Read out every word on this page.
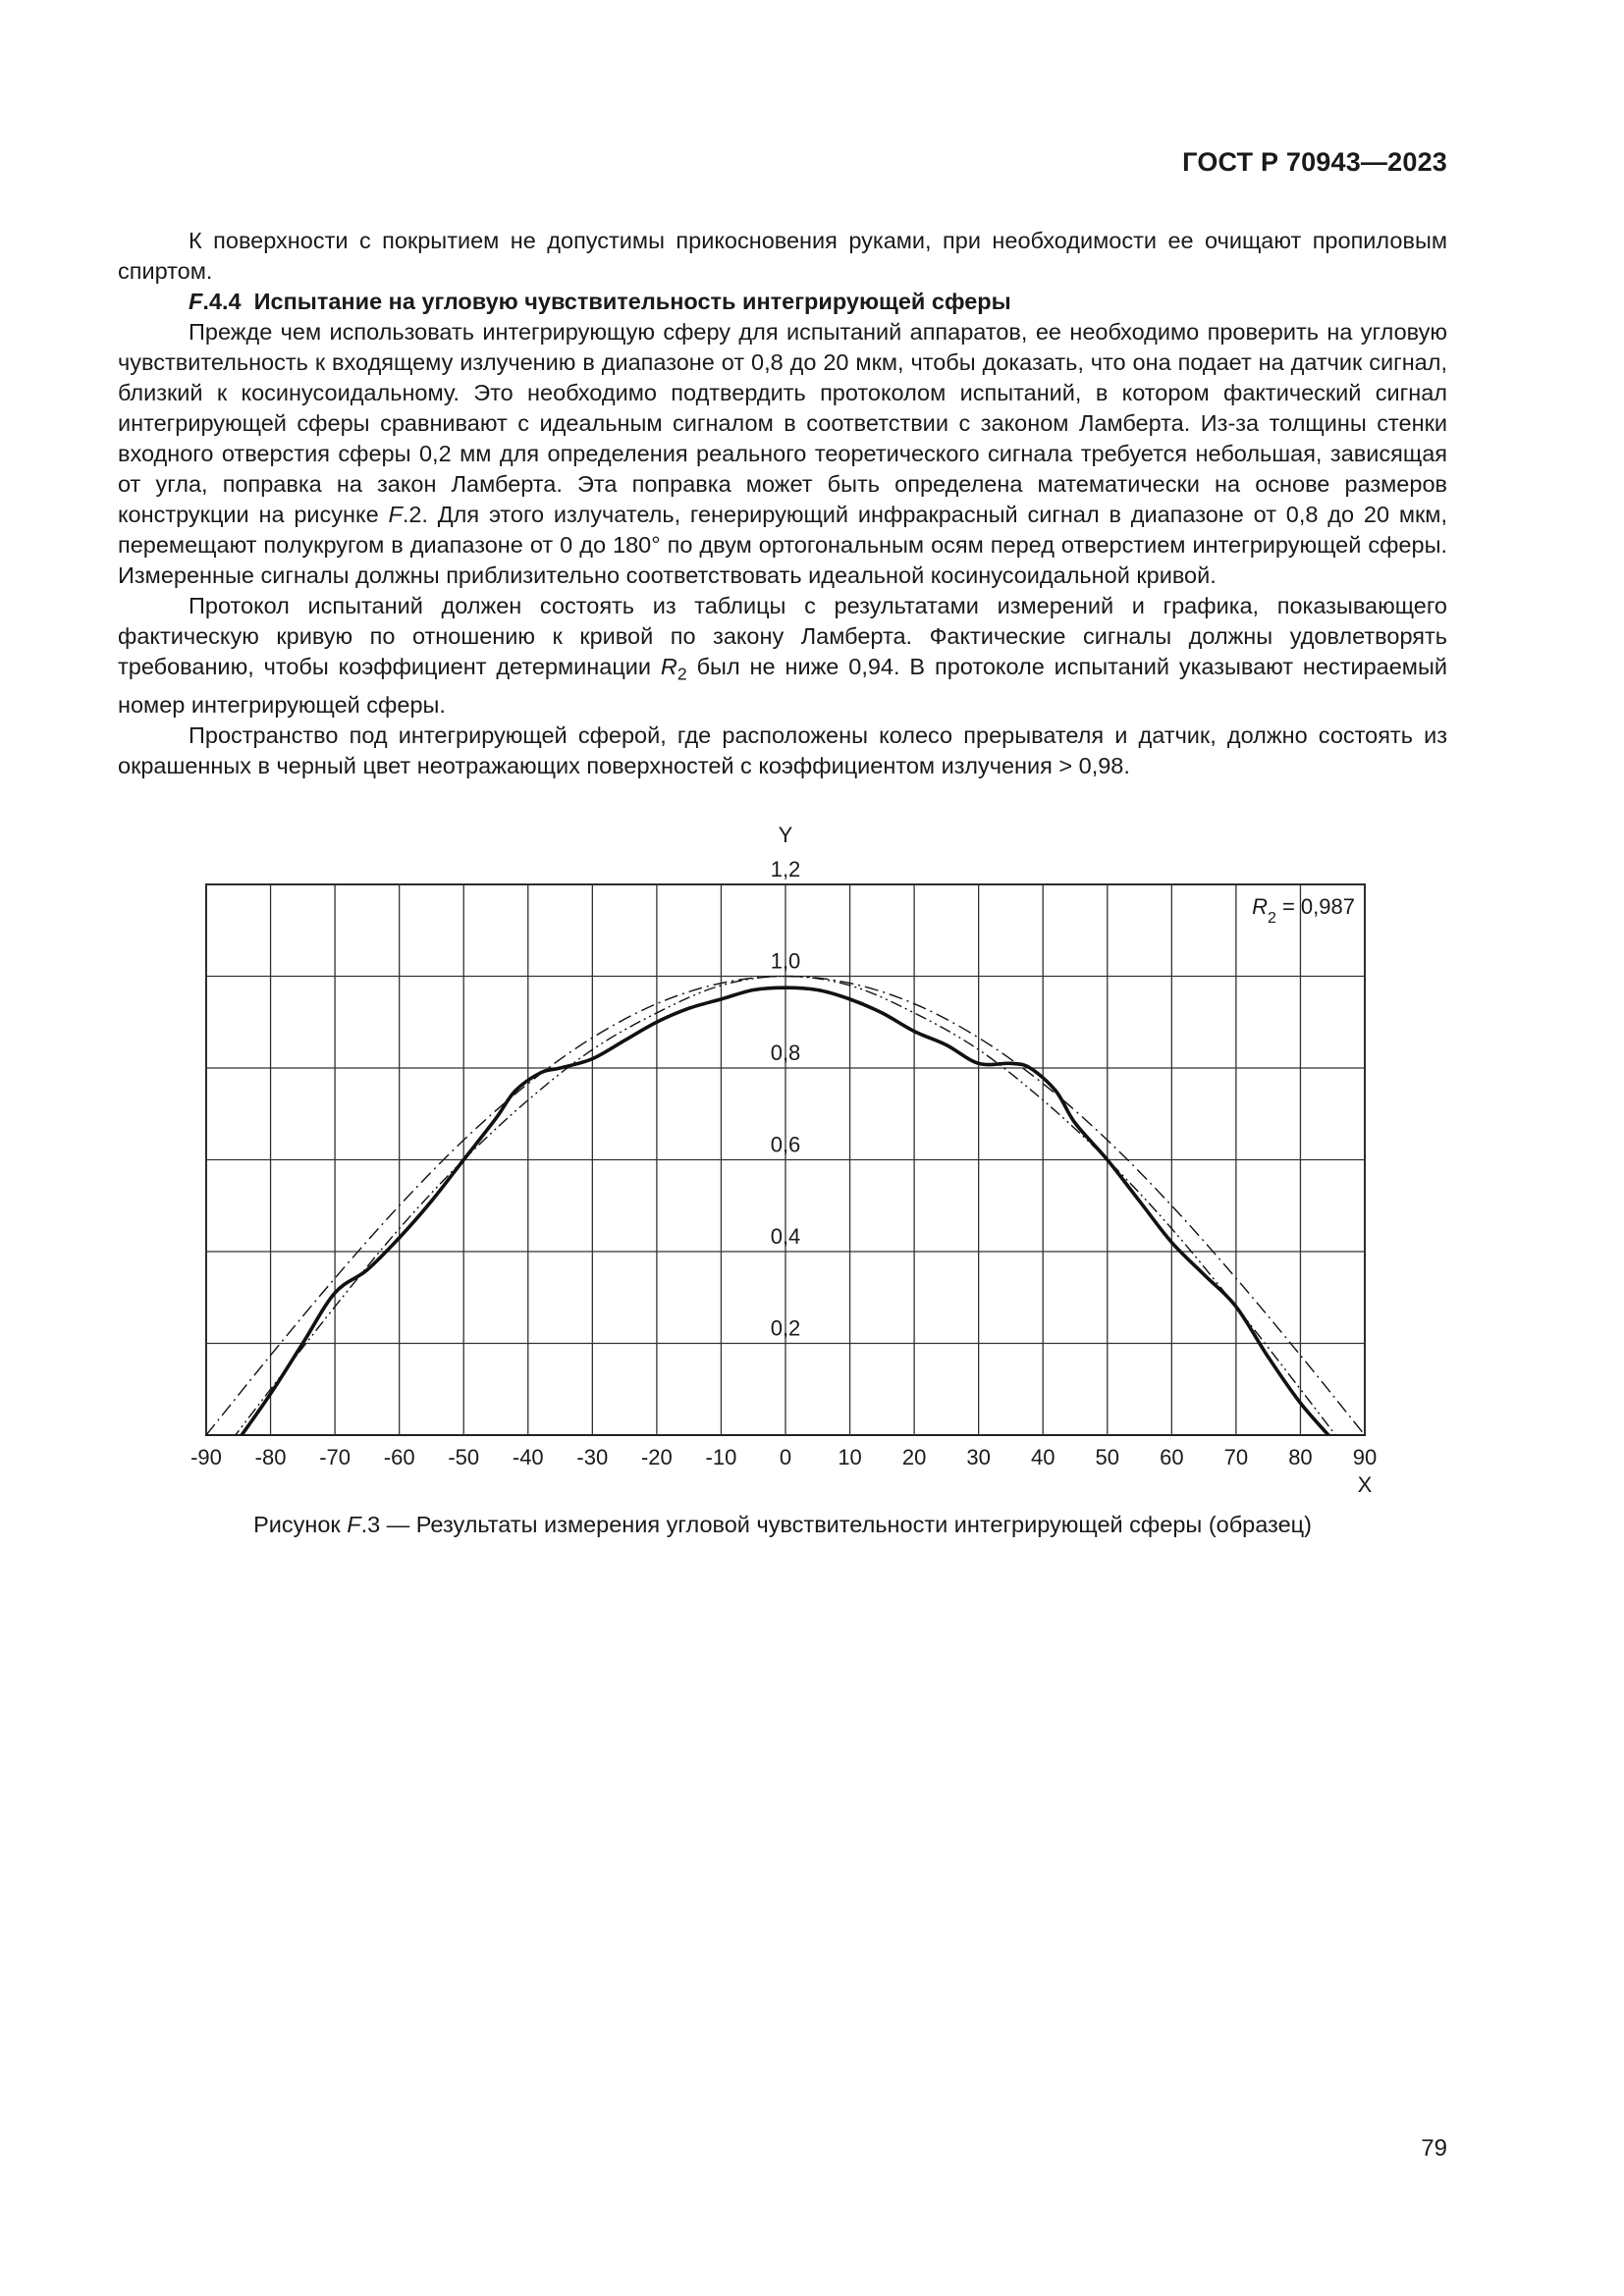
ГОСТ Р 70943—2023

К поверхности с покрытием не допустимы прикосновения руками, при необходимости ее очищают пропиловым спиртом.

F.4.4 Испытание на угловую чувствительность интегрирующей сферы

Прежде чем использовать интегрирующую сферу для испытаний аппаратов, ее необходимо проверить на угловую чувствительность к входящему излучению в диапазоне от 0,8 до 20 мкм, чтобы доказать, что она подает на датчик сигнал, близкий к косинусоидальному. Это необходимо подтвердить протоколом испытаний, в котором фактический сигнал интегрирующей сферы сравнивают с идеальным сигналом в соответствии с законом Ламберта. Из-за толщины стенки входного отверстия сферы 0,2 мм для определения реального теоретического сигнала требуется небольшая, зависящая от угла, поправка на закон Ламберта. Эта поправка может быть определена математически на основе размеров конструкции на рисунке F.2. Для этого излучатель, генерирующий инфракрасный сигнал в диапазоне от 0,8 до 20 мкм, перемещают полукругом в диапазоне от 0 до 180° по двум ортогональным осям перед отверстием интегрирующей сферы. Измеренные сигналы должны приблизительно соответствовать идеальной косинусоидальной кривой.

Протокол испытаний должен состоять из таблицы с результатами измерений и графика, показывающего фактическую кривую по отношению к кривой по закону Ламберта. Фактические сигналы должны удовлетворять требованию, чтобы коэффициент детерминации $R_2$ был не ниже 0,94. В протоколе испытаний указывают нестираемый номер интегрирующей сферы.

Пространство под интегрирующей сферой, где расположены колесо прерывателя и датчик, должно состоять из окрашенных в черный цвет неотражающих поверхностей с коэффициентом излучения > 0,98.

0,2
0,4
0,6
0,8
1,0
1,2
-90 -80 -70 -60 -50 -40 -30 -20 -10 0 10 20 30 40 50 60 70 80 90
Y
X
$R_2 = 0,987$
Рисунок F.3 — Результаты измерения угловой чувствительности интегрирующей сферы (образец)
79
